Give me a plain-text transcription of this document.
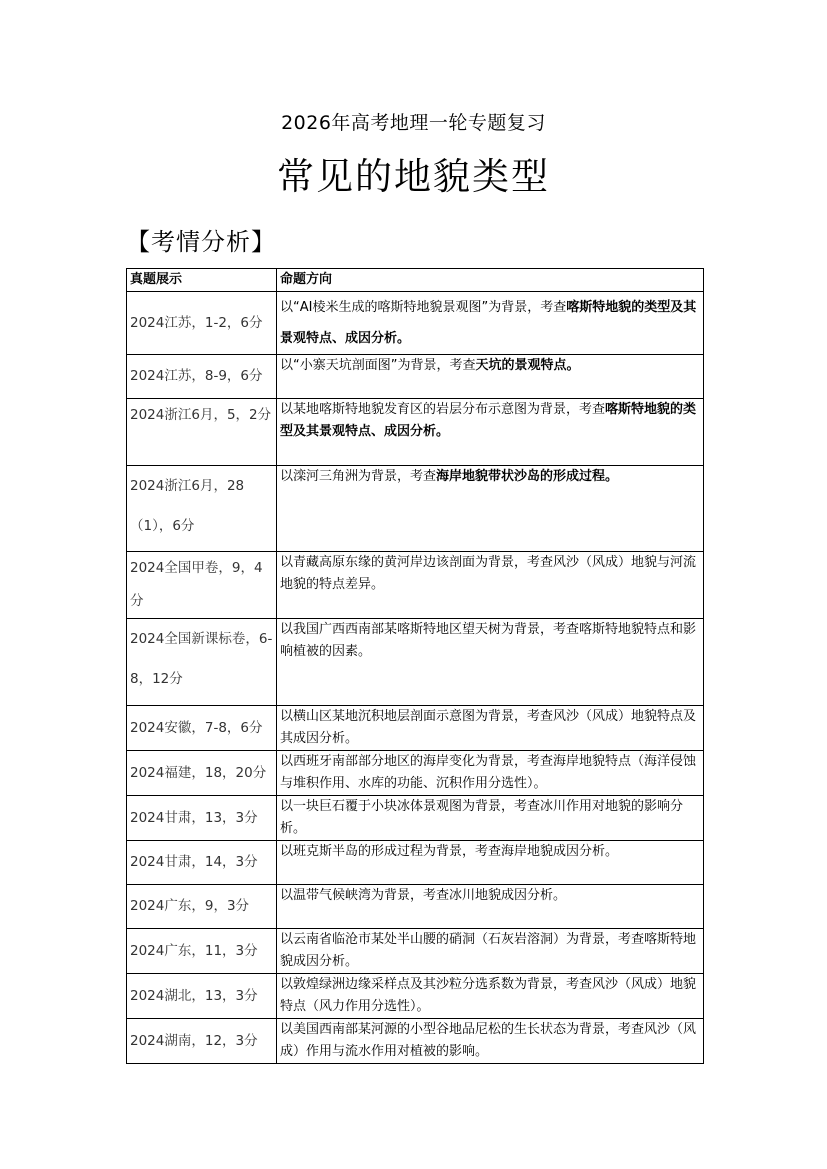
2026年高考地理一轮专题复习
常见的地貌类型
【考情分析】
真题展示	命题方向
2024江苏，1-2，6分	以“AI棱米生成的喀斯特地貌景观图”为背景，考查喀斯特地貌的类型及其景观特点、成因分析。
2024江苏，8-9，6分	以“小寨天坑剖面图”为背景，考查天坑的景观特点。
2024浙江6月，5，2分	以某地喀斯特地貌发育区的岩层分布示意图为背景，考查喀斯特地貌的类型及其景观特点、成因分析。
2024浙江6月，28（1），6分	以滦河三角洲为背景，考查海岸地貌带状沙岛的形成过程。
2024全国甲卷，9，4分	以青藏高原东缘的黄河岸边该剖面为背景，考查风沙（风成）地貌与河流地貌的特点差异。
2024全国新课标卷，6-8，12分	以我国广西西南部某喀斯特地区望天树为背景，考查喀斯特地貌特点和影响植被的因素。
2024安徽，7-8，6分	以横山区某地沉积地层剖面示意图为背景，考查风沙（风成）地貌特点及其成因分析。
2024福建，18，20分	以西班牙南部部分地区的海岸变化为背景，考查海岸地貌特点（海洋侵蚀与堆积作用、水库的功能、沉积作用分选性）。
2024甘肃，13，3分	以一块巨石覆于小块冰体景观图为背景，考查冰川作用对地貌的影响分析。
2024甘肃，14，3分	以班克斯半岛的形成过程为背景，考查海岸地貌成因分析。
2024广东，9，3分	以温带气候峡湾为背景，考查冰川地貌成因分析。
2024广东，11，3分	以云南省临沧市某处半山腰的硝洞（石灰岩溶洞）为背景，考查喀斯特地貌成因分析。
2024湖北，13，3分	以敦煌绿洲边缘采样点及其沙粒分选系数为背景，考查风沙（风成）地貌特点（风力作用分选性）。
2024湖南，12，3分	以美国西南部某河源的小型谷地品尼松的生长状态为背景，考查风沙（风成）作用与流水作用对植被的影响。
